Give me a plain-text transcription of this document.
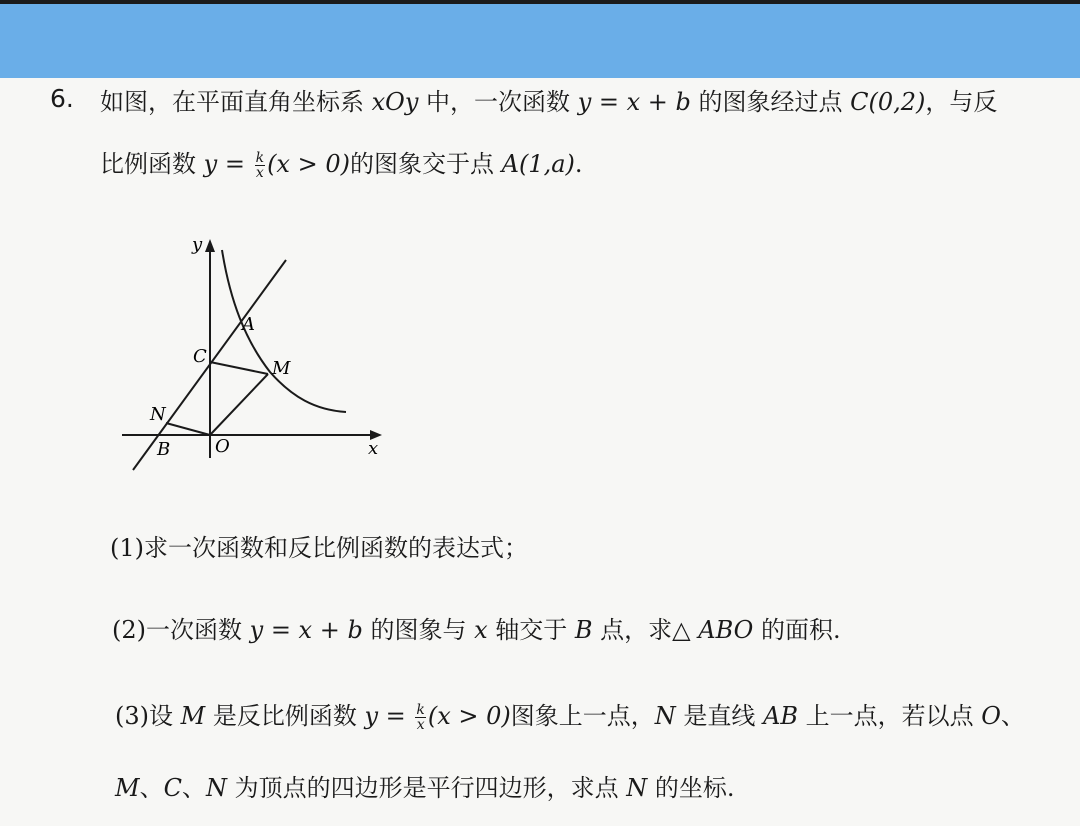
6. 如图，在平面直角坐标系 xOy 中，一次函数 y = x + b 的图象经过点 C(0,2)，与反
比例函数 $y = \frac{k}{x} (x > 0)$的图象交于点 A(1,a).
y
x
A
C
M
N
B O
(1)求一次函数和反比例函数的表达式；
(2)一次函数 y = x + b 的图象与 x 轴交于 B 点，求△ ABO 的面积.
(3)设 M 是反比例函数 $y = \frac{k}{x} (x > 0)$图象上一点，N 是直线 AB 上一点，若以点 O、
M、C、N 为顶点的四边形是平行四边形，求点 N 的坐标.
